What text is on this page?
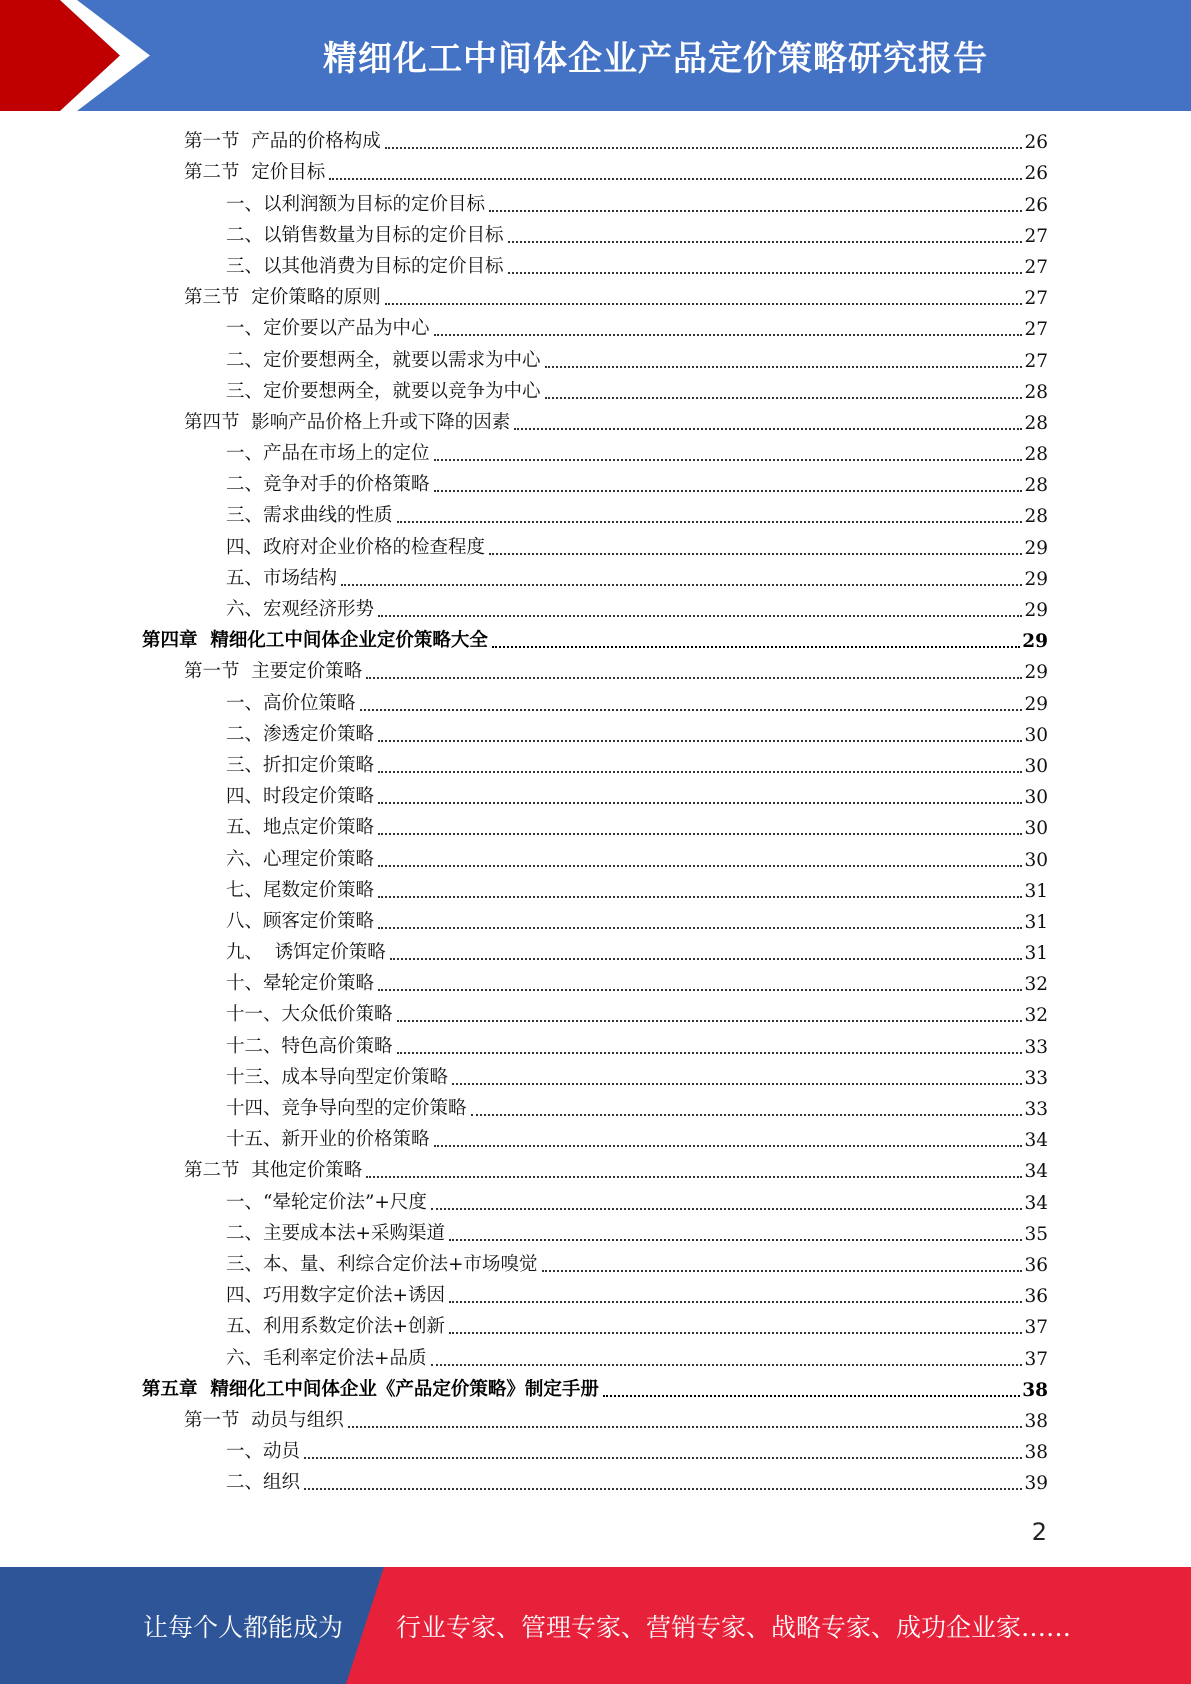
精细化工中间体企业产品定价策略研究报告
第一节  产品的价格构成	26
第二节  定价目标	26
一、以利润额为目标的定价目标	26
二、以销售数量为目标的定价目标	27
三、以其他消费为目标的定价目标	27
第三节  定价策略的原则	27
一、定价要以产品为中心	27
二、定价要想两全，就要以需求为中心	27
三、定价要想两全，就要以竞争为中心	28
第四节  影响产品价格上升或下降的因素	28
一、产品在市场上的定位	28
二、竞争对手的价格策略	28
三、需求曲线的性质	28
四、政府对企业价格的检查程度	29
五、市场结构	29
六、宏观经济形势	29
第四章  精细化工中间体企业定价策略大全	29
第一节  主要定价策略	29
一、高价位策略	29
二、渗透定价策略	30
三、折扣定价策略	30
四、时段定价策略	30
五、地点定价策略	30
六、心理定价策略	30
七、尾数定价策略	31
八、顾客定价策略	31
九、  诱饵定价策略	31
十、晕轮定价策略	32
十一、大众低价策略	32
十二、特色高价策略	33
十三、成本导向型定价策略	33
十四、竞争导向型的定价策略	33
十五、新开业的价格策略	34
第二节  其他定价策略	34
一、“晕轮定价法”+尺度	34
二、主要成本法+采购渠道	35
三、本、量、利综合定价法+市场嗅觉	36
四、巧用数字定价法+诱因	36
五、利用系数定价法+创新	37
六、毛利率定价法+品质	37
第五章  精细化工中间体企业《产品定价策略》制定手册	38
第一节  动员与组织	38
一、动员	38
二、组织	39
2
让每个人都能成为 行业专家、管理专家、营销专家、战略专家、成功企业家……
